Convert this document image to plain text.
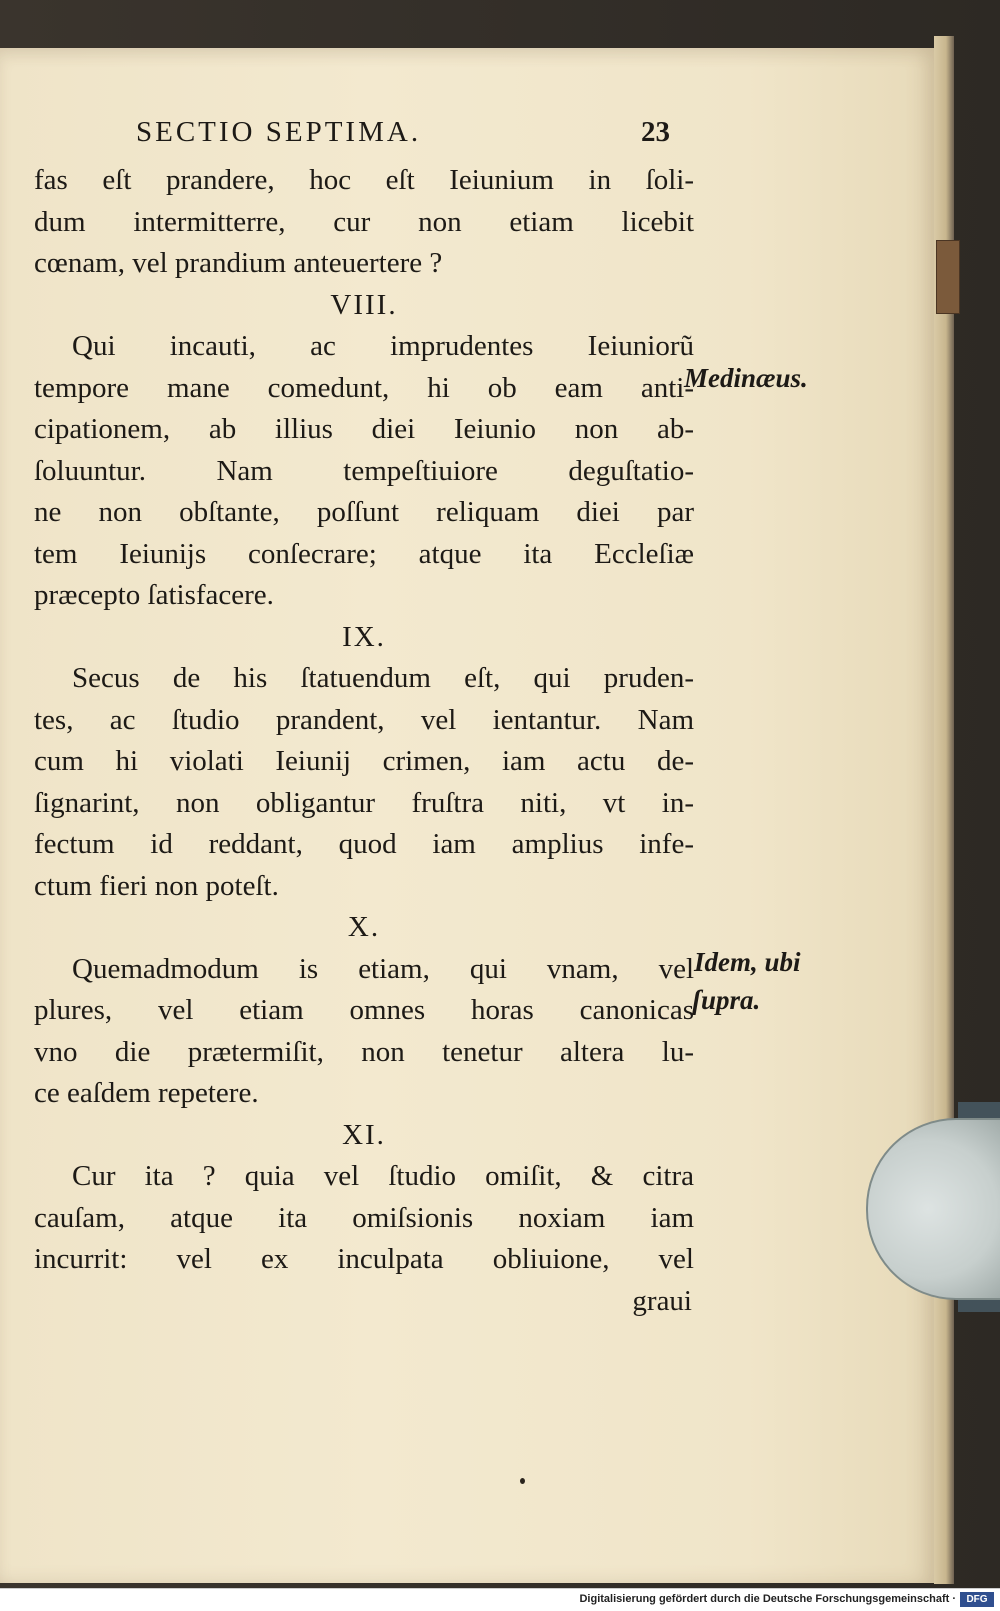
SECTIO SEPTIMA.	23
fas eſt prandere, hoc eſt Ieiunium in ſoli-
dum intermitterre, cur non etiam licebit
cœnam, vel prandium anteuertere ?
VIII.
Qui incauti, ac imprudentes Ieiuniorũ
tempore mane comedunt, hi ob eam anti-
cipationem, ab illius diei Ieiunio non ab-
ſoluuntur. Nam tempeſtiuiore deguſtatio-
ne non obſtante, poſſunt reliquam diei par
tem Ieiunĳs conſecrare; atque ita Eccleſiæ
præcepto ſatisfacere.
IX.
Secus de his ſtatuendum eſt, qui pruden-
tes, ac ſtudio prandent, vel ientantur. Nam
cum hi violati Ieiunĳ crimen, iam actu de-
ſignarint, non obligantur fruſtra niti, vt in-
fectum id reddant, quod iam amplius infe-
ctum fieri non poteſt.
X.
Quemadmodum is etiam, qui vnam, vel
plures, vel etiam omnes horas canonicas
vno die prætermiſit, non tenetur altera lu-
ce eaſdem repetere.
XI.
Cur ita ? quia vel ſtudio omiſit, & citra
cauſam, atque ita omiſsionis noxiam iam
incurrit: vel ex inculpata obliuione, vel
graui
Medinæus.
Idem, ubi
ſupra.
Digitalisierung gefördert durch die Deutsche Forschungsgemeinschaft ·	DFG
